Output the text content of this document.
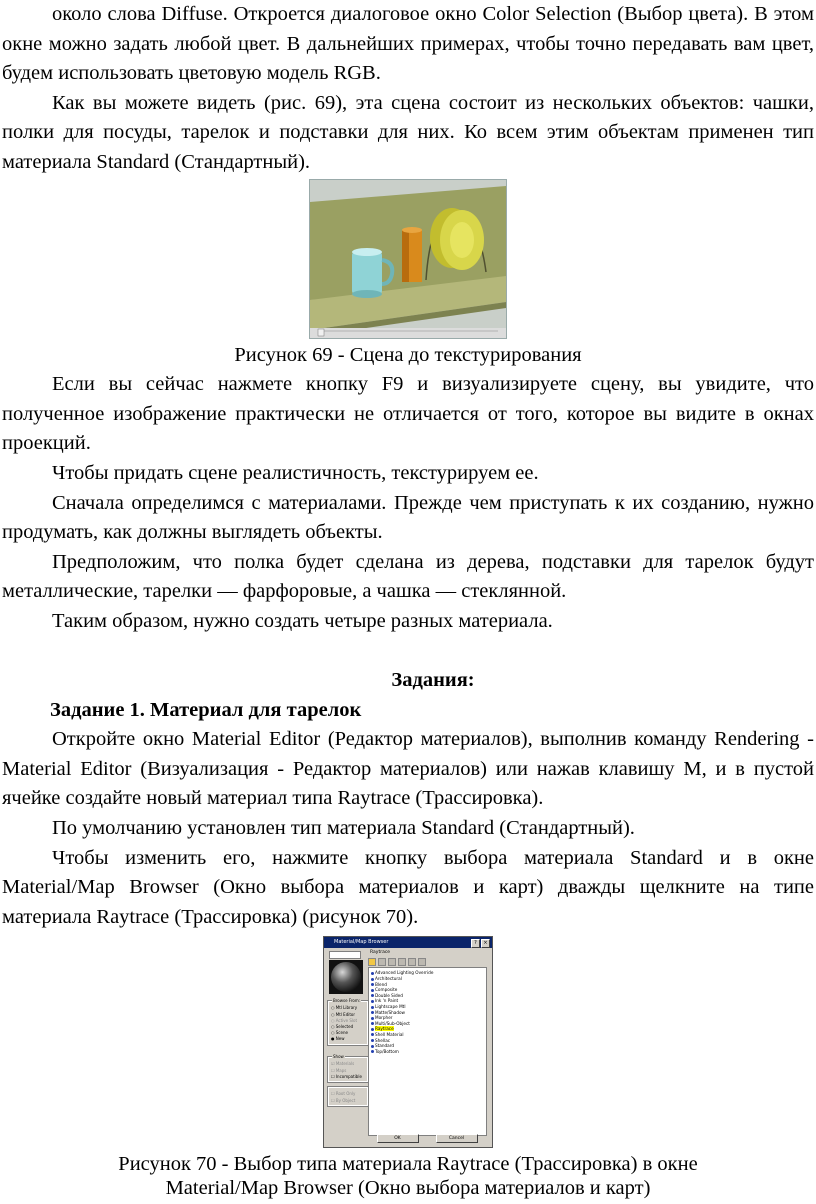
около слова Diffuse. Откроется диалоговое окно Color Selection (Выбор цвета). В этом окне можно задать любой цвет. В дальнейших примерах, чтобы точно передавать вам цвет, будем использовать цветовую модель RGB.

Как вы можете видеть (рис. 69), эта сцена состоит из нескольких объектов: чашки, полки для посуды, тарелок и подставки для них. Ко всем этим объектам применен тип материала Standard (Стандартный).

Рисунок 69 - Сцена до текстурирования

Если вы сейчас нажмете кнопку F9 и визуализируете сцену, вы увидите, что полученное изображение практически не отличается от того, которое вы видите в окнах проекций.

Чтобы придать сцене реалистичность, текстурируем ее.

Сначала определимся с материалами. Прежде чем приступать к их созданию, нужно продумать, как должны выглядеть объекты.

Предположим, что полка будет сделана из дерева, подставки для тарелок будут металлические, тарелки — фарфоровые, а чашка — стеклянной.

Таким образом, нужно создать четыре разных материала.

Задания:

Задание 1. Материал для тарелок

Откройте окно Material Editor (Редактор материалов), выполнив команду Rendering - Material Editor (Визуализация - Редактор материалов) или нажав клавишу M, и в пустой ячейке создайте новый материал типа Raytrace (Трассировка).

По умолчанию установлен тип материала Standard (Стандартный).

Чтобы изменить его, нажмите кнопку выбора материала Standard и в окне Material/Map Browser (Окно выбора материалов и карт) дважды щелкните на типе материала Raytrace (Трассировка) (рисунок 70).

Material/Map Browser	?	×
Raytrace
Browse From:
○ Mtl Library
○ Mtl Editor
○ Active Slot
○ Selected
○ Scene
● New
Show
☑ Materials
☐ Maps
☐ Incompatible
☐ Root Only
☐ By Object
Advanced Lighting Override
Architectural
Blend
Composite
Double Sided
Ink 'n Paint
Lightscape Mtl
Matte/Shadow
Morpher
Multi/Sub-Object
Raytrace
Shell Material
Shellac
Standard
Top/Bottom
OK	Cancel

Рисунок 70 - Выбор типа материала Raytrace (Трассировка) в окне

Material/Map Browser (Окно выбора материалов и карт)
